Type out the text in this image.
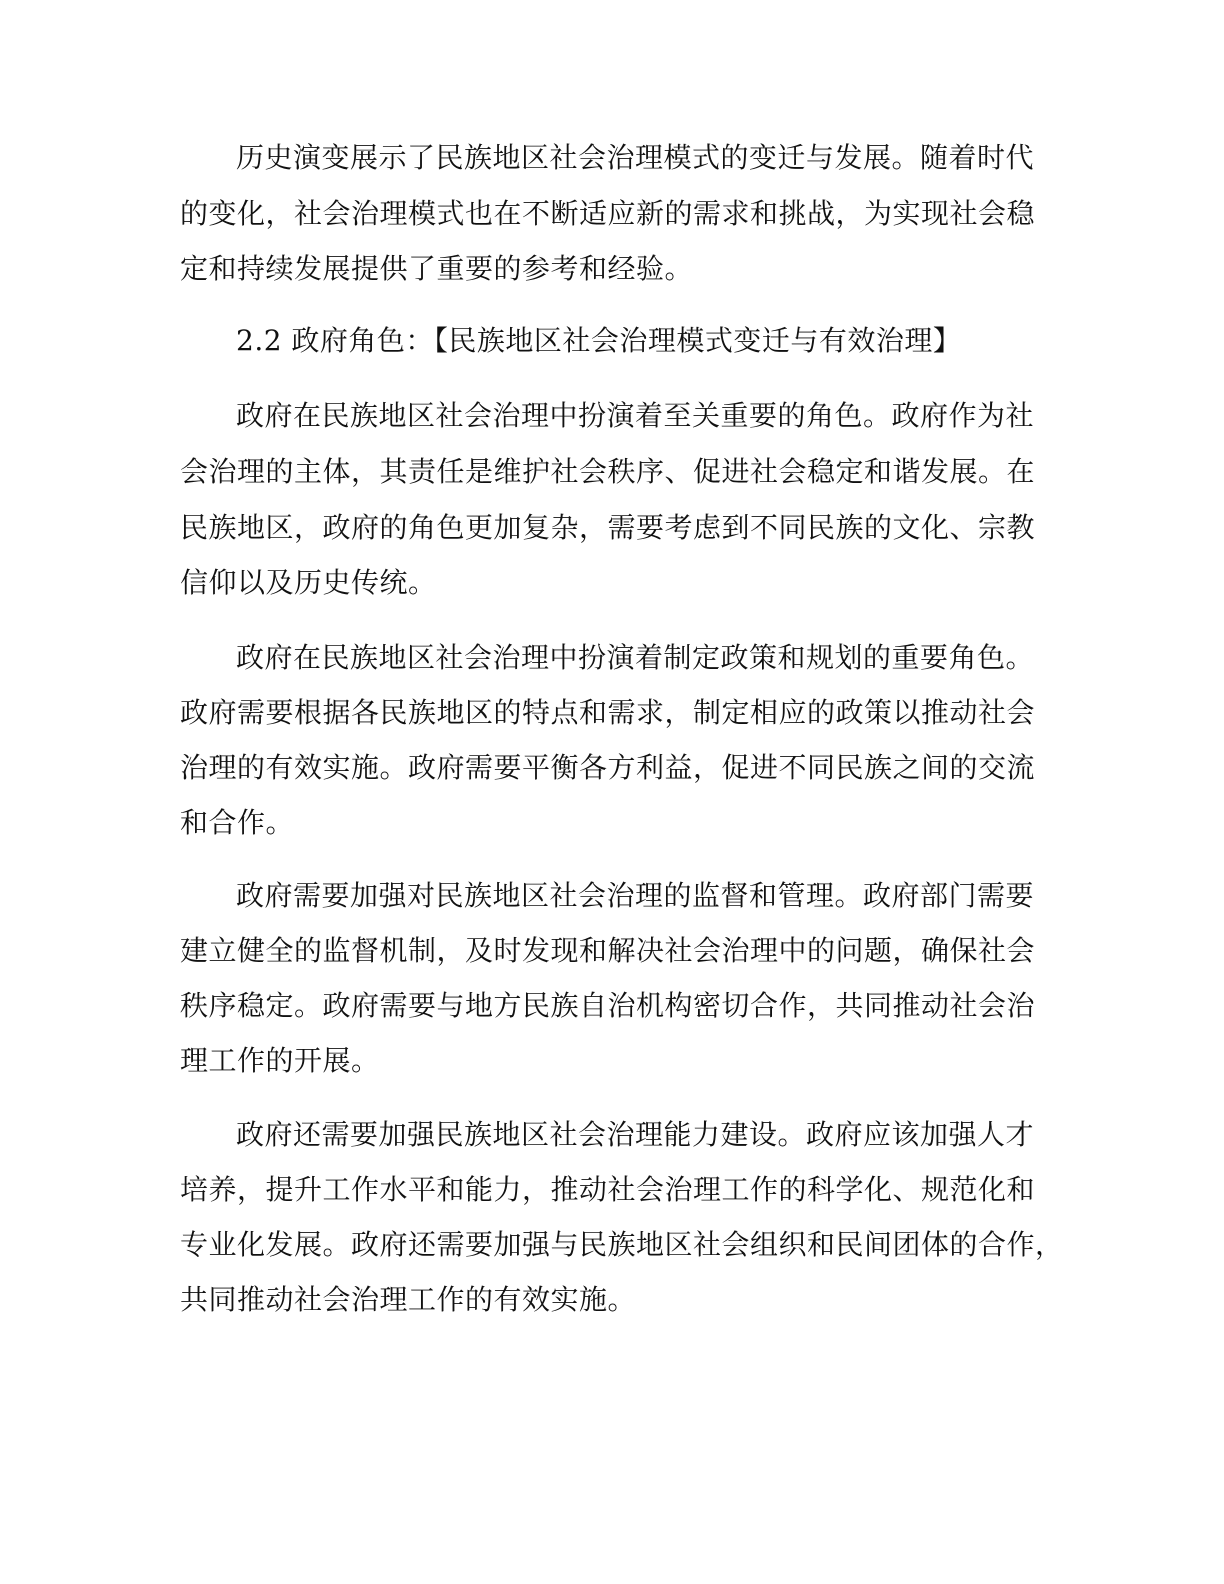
历史演变展示了民族地区社会治理模式的变迁与发展。随着时代
的变化，社会治理模式也在不断适应新的需求和挑战，为实现社会稳
定和持续发展提供了重要的参考和经验。
2.2 政府角色：【民族地区社会治理模式变迁与有效治理】
政府在民族地区社会治理中扮演着至关重要的角色。政府作为社
会治理的主体，其责任是维护社会秩序、促进社会稳定和谐发展。在
民族地区，政府的角色更加复杂，需要考虑到不同民族的文化、宗教
信仰以及历史传统。
政府在民族地区社会治理中扮演着制定政策和规划的重要角色。
政府需要根据各民族地区的特点和需求，制定相应的政策以推动社会
治理的有效实施。政府需要平衡各方利益，促进不同民族之间的交流
和合作。
政府需要加强对民族地区社会治理的监督和管理。政府部门需要
建立健全的监督机制，及时发现和解决社会治理中的问题，确保社会
秩序稳定。政府需要与地方民族自治机构密切合作，共同推动社会治
理工作的开展。
政府还需要加强民族地区社会治理能力建设。政府应该加强人才
培养，提升工作水平和能力，推动社会治理工作的科学化、规范化和
专业化发展。政府还需要加强与民族地区社会组织和民间团体的合作，
共同推动社会治理工作的有效实施。
